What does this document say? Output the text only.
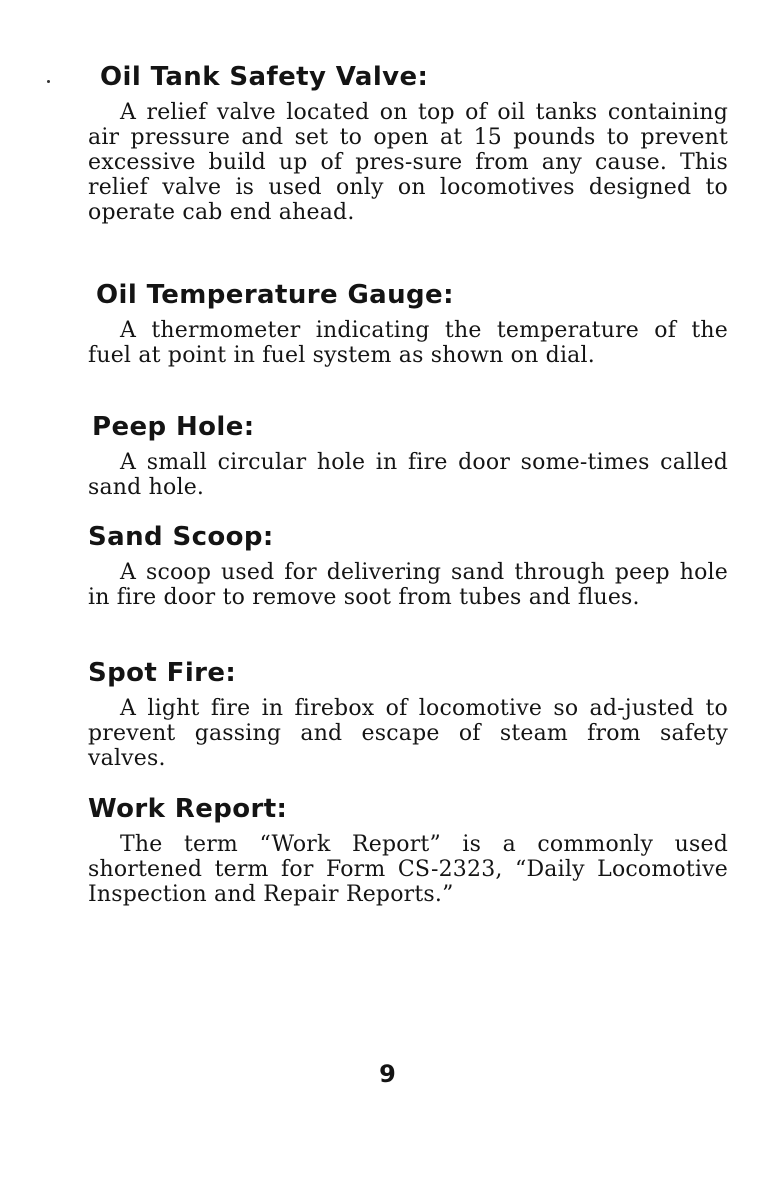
Oil Tank Safety Valve:

A relief valve located on top of oil tanks containing air pressure and set to open at 15 pounds to prevent excessive build up of pres-sure from any cause. This relief valve is used only on locomotives designed to operate cab end ahead.

Oil Temperature Gauge:

A thermometer indicating the temperature of the fuel at point in fuel system as shown on dial.

Peep Hole:

A small circular hole in fire door some-times called sand hole.

Sand Scoop:

A scoop used for delivering sand through peep hole in fire door to remove soot from tubes and flues.

Spot Fire:

A light fire in firebox of locomotive so ad-justed to prevent gassing and escape of steam from safety valves.

Work Report:

The term “Work Report” is a commonly used shortened term for Form CS-2323, “Daily Locomotive Inspection and Repair Reports.”

9
